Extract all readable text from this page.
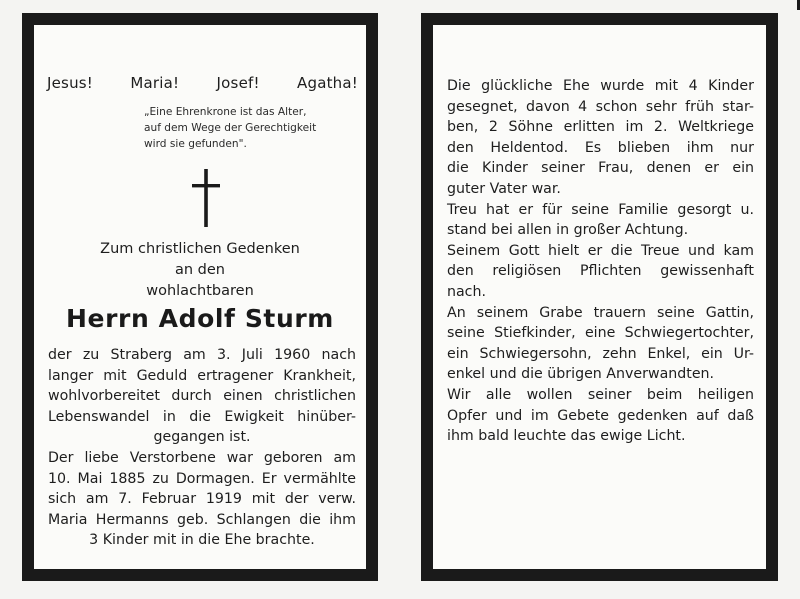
Jesus! Maria! Josef! Agatha!
„Eine Ehrenkrone ist das Alter,
auf dem Wege der Gerechtigkeit
wird sie gefunden".
Zum christlichen Gedenken
an den
wohlachtbaren
Herrn Adolf Sturm
der zu Straberg am 3. Juli 1960 nach
langer mit Geduld ertragener Krankheit,
wohlvorbereitet durch einen christlichen
Lebenswandel in die Ewigkeit hinüber-
gegangen ist.
Der liebe Verstorbene war geboren am
10. Mai 1885 zu Dormagen. Er vermählte
sich am 7. Februar 1919 mit der verw.
Maria Hermanns geb. Schlangen die ihm
3 Kinder mit in die Ehe brachte.
Die glückliche Ehe wurde mit 4 Kinder
gesegnet, davon 4 schon sehr früh star-
ben, 2 Söhne erlitten im 2. Weltkriege
den Heldentod. Es blieben ihm nur
die Kinder seiner Frau, denen er ein
guter Vater war.
Treu hat er für seine Familie gesorgt u.
stand bei allen in großer Achtung.
Seinem Gott hielt er die Treue und kam
den religiösen Pflichten gewissenhaft
nach.
An seinem Grabe trauern seine Gattin,
seine Stiefkinder, eine Schwiegertochter,
ein Schwiegersohn, zehn Enkel, ein Ur-
enkel und die übrigen Anverwandten.
Wir alle wollen seiner beim heiligen
Opfer und im Gebete gedenken auf daß
ihm bald leuchte das ewige Licht.
